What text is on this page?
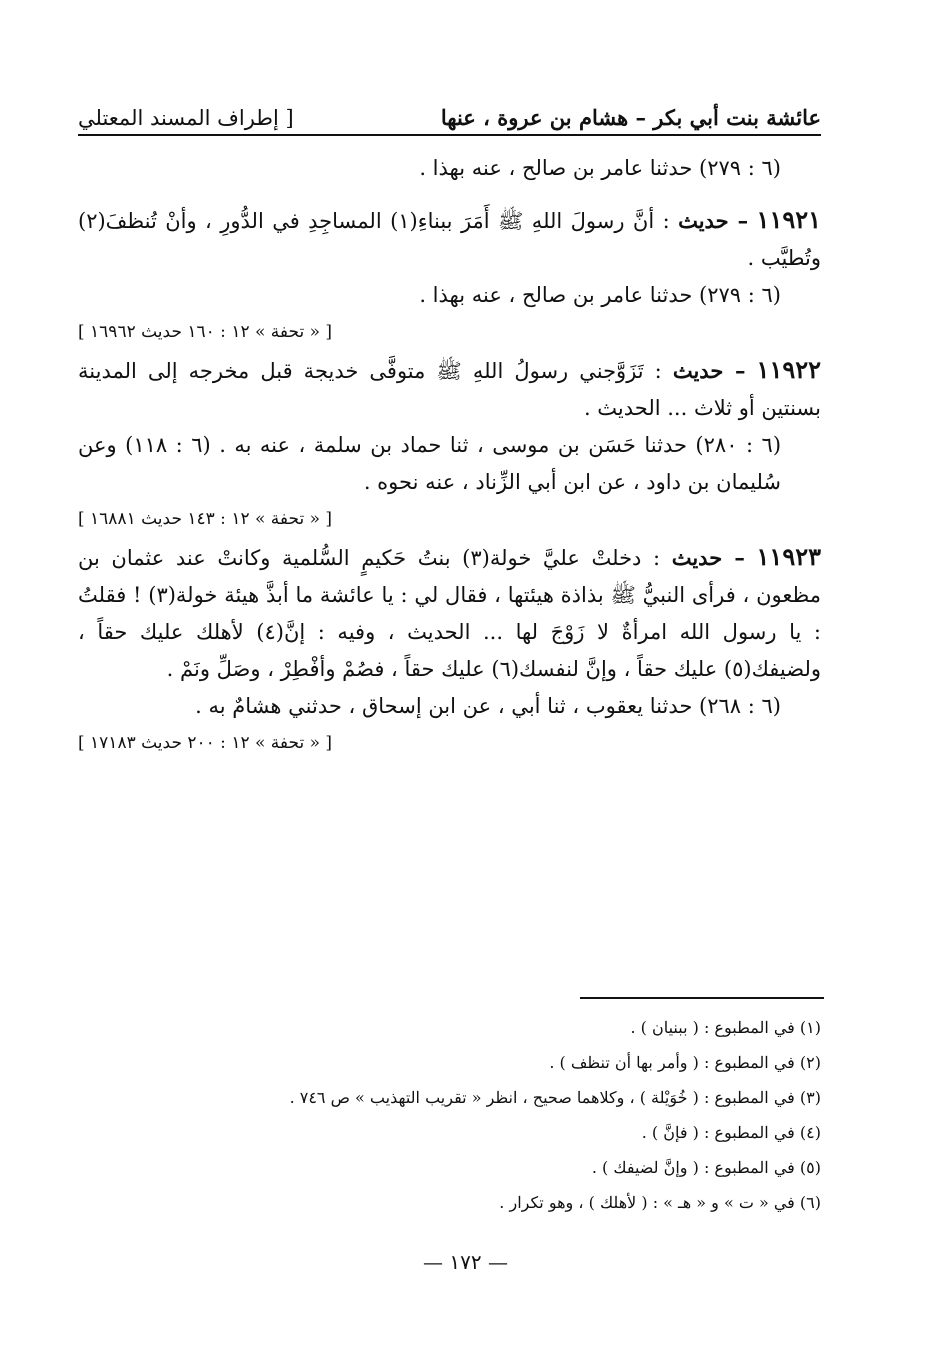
عائشة بنت أبي بكر – هشام بن عروة ، عنها
[ إطراف المسند المعتلي

(٦ : ٢٧٩) حدثنا عامر بن صالح ، عنه بهذا .

١١٩٢١ – حديث : أنَّ رسولَ اللهِ ﷺ أَمَرَ ببناءِ(١) المساجِدِ في الدُّورِ ، وأنْ تُنظفَ(٢) وتُطيَّب .

(٦ : ٢٧٩) حدثنا عامر بن صالح ، عنه بهذا .

[ « تحفة » ١٢ : ١٦٠ حديث ١٦٩٦٢ ]

١١٩٢٢ – حديث : تَزَوَّجني رسولُ اللهِ ﷺ متوفَّى خديجة قبل مخرجه إلى المدينة بسنتين أو ثلاث ... الحديث .

(٦ : ٢٨٠) حدثنا حَسَن بن موسى ، ثنا حماد بن سلمة ، عنه به . (٦ : ١١٨) وعن سُليمان بن داود ، عن ابن أبي الزِّناد ، عنه نحوه .

[ « تحفة » ١٢ : ١٤٣ حديث ١٦٨٨١ ]

١١٩٢٣ – حديث : دخلتْ عليَّ خولة(٣) بنتُ حَكيمٍ السُّلمية وكانتْ عند عثمان بن مظعون ، فرأى النبيُّ ﷺ بذاذة هيئتها ، فقال لي : يا عائشة ما أبذَّ هيئة خولة(٣) ! فقلتُ : يا رسول الله امرأةٌ لا زَوْجَ لها ... الحديث ، وفيه : إنَّ(٤) لأهلك عليك حقاً ، ولضيفك(٥) عليك حقاً ، وإنَّ لنفسك(٦) عليك حقاً ، فصُمْ وأفْطِرْ ، وصَلِّ ونَمْ .

(٦ : ٢٦٨) حدثنا يعقوب ، ثنا أبي ، عن ابن إسحاق ، حدثني هشامٌ به .

[ « تحفة » ١٢ : ٢٠٠ حديث ١٧١٨٣ ]

(١) في المطبوع : ( ببنيان ) .

(٢) في المطبوع : ( وأمر بها أن تنظف ) .

(٣) في المطبوع : ( خُوَيْلة ) ، وكلاهما صحيح ، انظر « تقريب التهذيب » ص ٧٤٦ .

(٤) في المطبوع : ( فإنَّ ) .

(٥) في المطبوع : ( وإنَّ لضيفك ) .

(٦) في « ت » و « هـ » : ( لأهلك ) ، وهو تكرار .

— ١٧٢ —
